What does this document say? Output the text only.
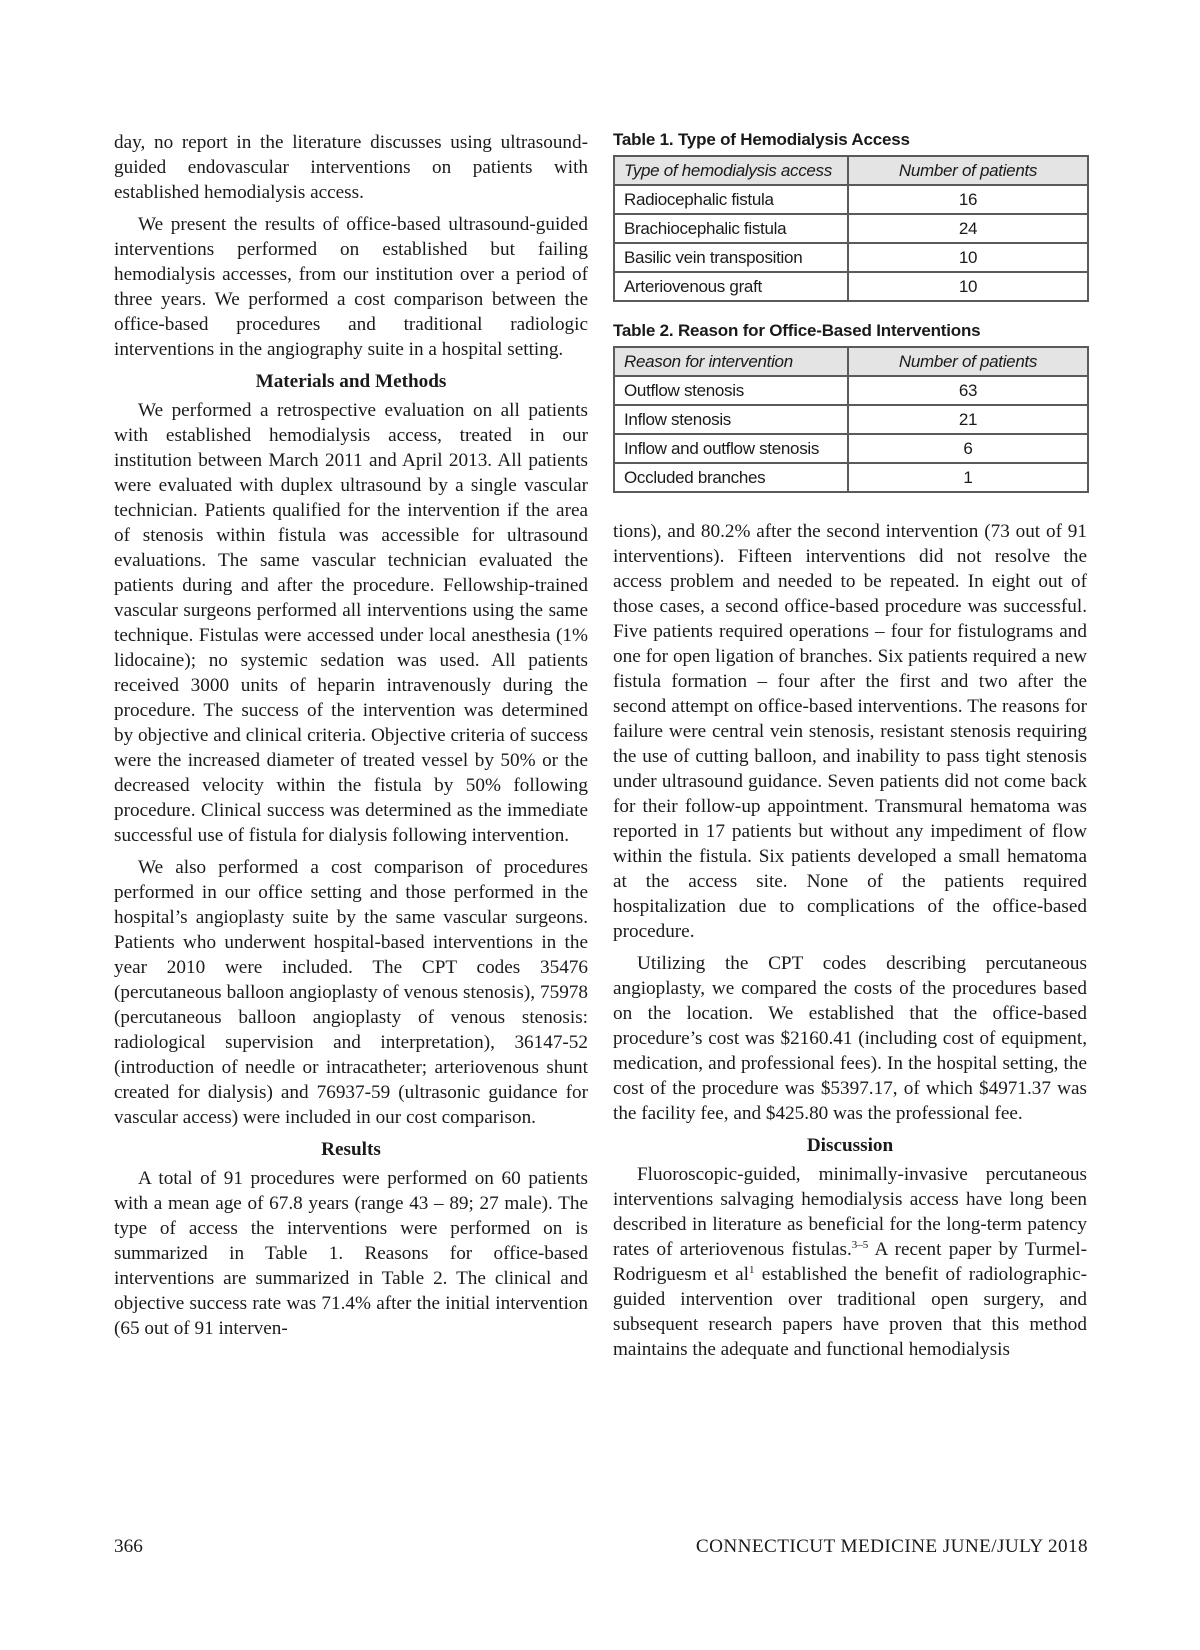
day, no report in the literature discusses using ultrasound-guided endovascular interventions on patients with established hemodialysis access.

We present the results of office-based ultrasound-guided interventions performed on established but failing hemodialysis accesses, from our institution over a period of three years. We performed a cost comparison between the office-based procedures and traditional radiologic interventions in the angiography suite in a hospital setting.

Materials and Methods

We performed a retrospective evaluation on all patients with established hemodialysis access, treated in our institution between March 2011 and April 2013. All patients were evaluated with duplex ultrasound by a single vascular technician. Patients qualified for the intervention if the area of stenosis within fistula was accessible for ultrasound evaluations. The same vascular technician evaluated the patients during and after the procedure. Fellowship-trained vascular surgeons performed all interventions using the same technique. Fistulas were accessed under local anesthesia (1% lidocaine); no systemic sedation was used. All patients received 3000 units of heparin intravenously during the procedure. The success of the intervention was determined by objective and clinical criteria. Objective criteria of success were the increased diameter of treated vessel by 50% or the decreased velocity within the fistula by 50% following procedure. Clinical success was determined as the immediate successful use of fistula for dialysis following intervention.

We also performed a cost comparison of procedures performed in our office setting and those performed in the hospital’s angioplasty suite by the same vascular surgeons. Patients who underwent hospital-based interventions in the year 2010 were included. The CPT codes 35476 (percutaneous balloon angioplasty of venous stenosis), 75978 (percutaneous balloon angioplasty of venous stenosis: radiological supervision and interpretation), 36147-52 (introduction of needle or intracatheter; arteriovenous shunt created for dialysis) and 76937-59 (ultrasonic guidance for vascular access) were included in our cost comparison.

Results

A total of 91 procedures were performed on 60 patients with a mean age of 67.8 years (range 43 – 89; 27 male). The type of access the interventions were performed on is summarized in Table 1. Reasons for office-based interventions are summarized in Table 2. The clinical and objective success rate was 71.4% after the initial intervention (65 out of 91 interven-

Table 1. Type of Hemodialysis Access
Type of hemodialysis access	Number of patients
Radiocephalic fistula	16
Brachiocephalic fistula	24
Basilic vein transposition	10
Arteriovenous graft	10
Table 2. Reason for Office-Based Interventions
Reason for intervention	Number of patients
Outflow stenosis	63
Inflow stenosis	21
Inflow and outflow stenosis	6
Occluded branches	1

tions), and 80.2% after the second intervention (73 out of 91 interventions). Fifteen interventions did not resolve the access problem and needed to be repeated. In eight out of those cases, a second office-based procedure was successful. Five patients required operations – four for fistulograms and one for open ligation of branches. Six patients required a new fistula formation – four after the first and two after the second attempt on office-based interventions. The reasons for failure were central vein stenosis, resistant stenosis requiring the use of cutting balloon, and inability to pass tight stenosis under ultrasound guidance. Seven patients did not come back for their follow-up appointment. Transmural hematoma was reported in 17 patients but without any impediment of flow within the fistula. Six patients developed a small hematoma at the access site. None of the patients required hospitalization due to complications of the office-based procedure.

Utilizing the CPT codes describing percutaneous angioplasty, we compared the costs of the procedures based on the location. We established that the office-based procedure’s cost was $2160.41 (including cost of equipment, medication, and professional fees). In the hospital setting, the cost of the procedure was $5397.17, of which $4971.37 was the facility fee, and $425.80 was the professional fee.

Discussion

Fluoroscopic-guided, minimally-invasive percutaneous interventions salvaging hemodialysis access have long been described in literature as beneficial for the long-term patency rates of arteriovenous fistulas.$^{3-5}$ A recent paper by Turmel-Rodriguesm et $al^1$ established the benefit of radiolographic-guided intervention over traditional open surgery, and subsequent research papers have proven that this method maintains the adequate and functional hemodialysis

366	CONNECTICUT MEDICINE JUNE/JULY 2018
